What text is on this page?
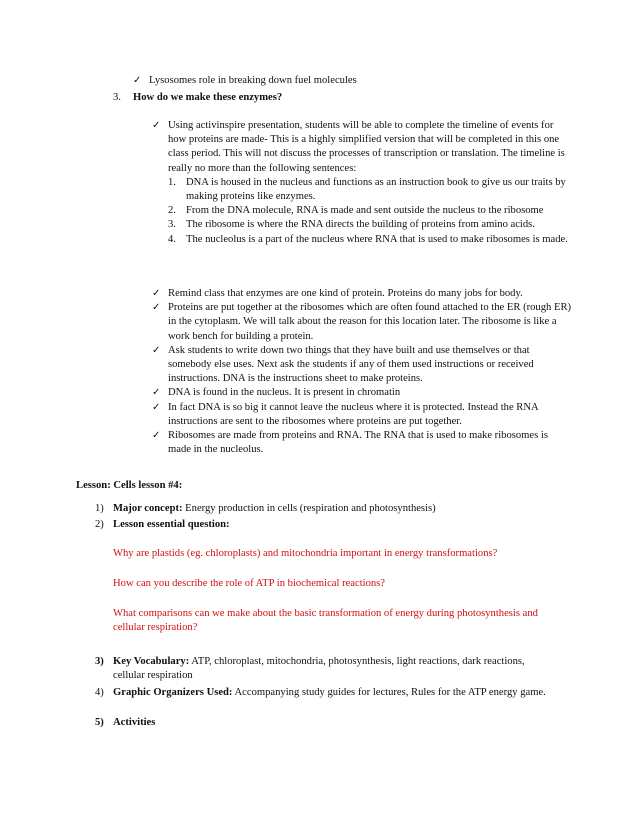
✓ Lysosomes role in breaking down fuel molecules
3.	How do we make these enzymes?
✓ Using activinspire presentation, students will be able to complete the timeline of events for how proteins are made- This is a highly simplified version that will be completed in this one class period. This will not discuss the processes of transcription or translation. The timeline is really no more than the following sentences:

1. DNA is housed in the nucleus and functions as an instruction book to give us our traits by making proteins like enzymes.
2. From the DNA molecule, RNA is made and sent outside the nucleus to the ribosome
3. The ribosome is where the RNA directs the building of proteins from amino acids.
4. The nucleolus is a part of the nucleus where RNA that is used to make ribosomes is made.
✓ Remind class that enzymes are one kind of protein. Proteins do many jobs for body.
✓ Proteins are put together at the ribosomes which are often found attached to the ER (rough ER) in the cytoplasm. We will talk about the reason for this location later. The ribosome is like a work bench for building a protein.
✓ Ask students to write down two things that they have built and use themselves or that somebody else uses. Next ask the students if any of them used instructions or received instructions. DNA is the instructions sheet to make proteins.
✓ DNA is found in the nucleus. It is present in chromatin
✓ In fact DNA is so big it cannot leave the nucleus where it is protected. Instead the RNA instructions are sent to the ribosomes where proteins are put together.
✓ Ribosomes are made from proteins and RNA. The RNA that is used to make ribosomes is made in the nucleolus.
Lesson: Cells lesson #4:
1) Major concept: Energy production in cells (respiration and photosynthesis)
2) Lesson essential question:

Why are plastids (eg. chloroplasts) and mitochondria important in energy transformations?

How can you describe the role of ATP in biochemical reactions?

What comparisons can we make about the basic transformation of energy during photosynthesis and cellular respiration?

3) Key Vocabulary: ATP, chloroplast, mitochondria, photosynthesis, light reactions, dark reactions, cellular respiration
4) Graphic Organizers Used: Accompanying study guides for lectures, Rules for the ATP energy game.
5) Activities
